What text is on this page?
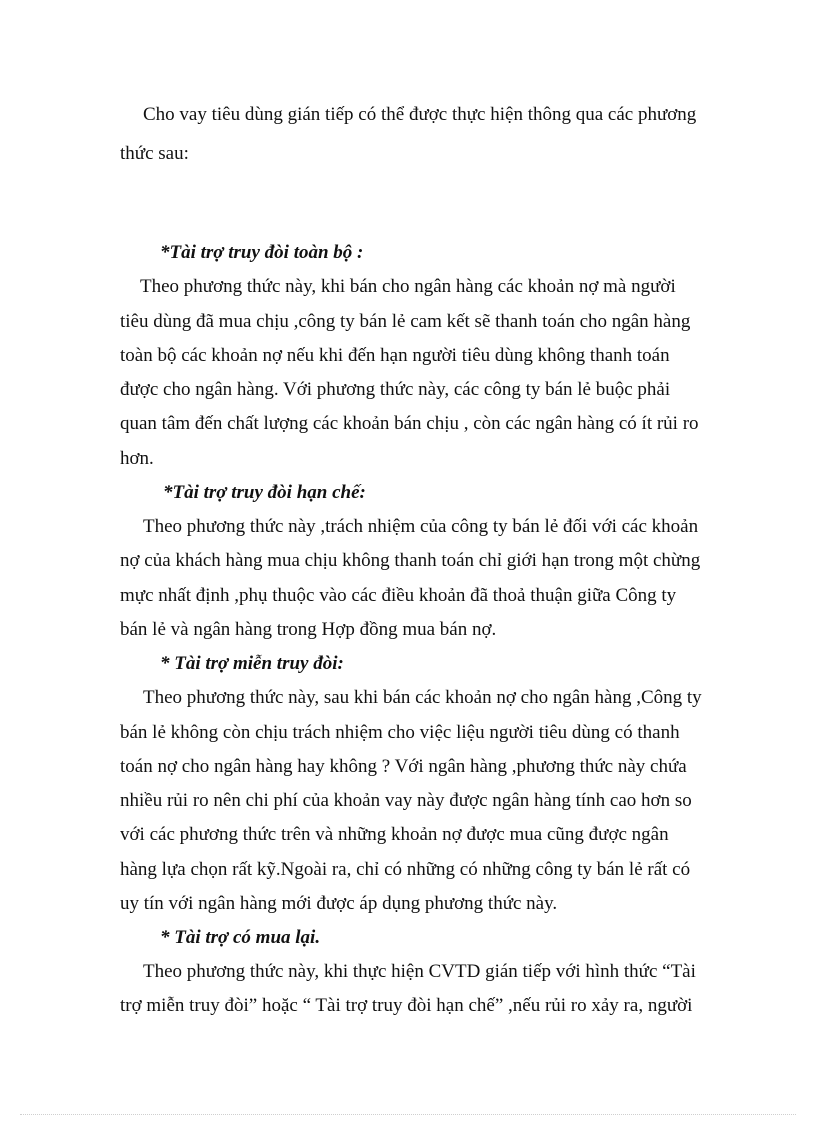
Cho vay tiêu dùng gián tiếp có thể được thực hiện thông qua các phương
thức sau:
*Tài trợ truy đòi toàn bộ :
Theo phương thức này, khi bán cho ngân hàng các khoản nợ mà người
tiêu dùng đã mua chịu ,công ty bán lẻ cam kết sẽ thanh toán cho ngân hàng
toàn bộ các khoản nợ nếu khi đến hạn người tiêu dùng không thanh toán
được cho ngân hàng. Với phương thức này, các công ty bán lẻ buộc phải
quan tâm đến chất lượng các khoản bán chịu , còn các ngân hàng có ít rủi ro
hơn.
*Tài trợ truy đòi hạn chế:
Theo phương thức này ,trách nhiệm của công ty bán lẻ đối với các khoản
nợ của khách hàng mua chịu không thanh toán chỉ giới hạn trong một chừng
mực nhất định ,phụ thuộc vào các điều khoản đã thoả thuận giữa Công ty
bán lẻ và ngân hàng trong Hợp đồng mua bán nợ.
* Tài trợ miễn truy đòi:
Theo phương thức này, sau khi bán các khoản nợ cho ngân hàng ,Công ty
bán lẻ không còn chịu trách nhiệm cho việc liệu người tiêu dùng có thanh
toán nợ cho ngân hàng hay không ? Với ngân hàng ,phương thức này chứa
nhiều rủi ro nên chi phí của khoản vay này được ngân hàng tính cao hơn so
với các phương thức trên và những khoản nợ được mua cũng được ngân
hàng lựa chọn rất kỹ.Ngoài ra, chỉ có những có những công ty bán lẻ rất có
uy tín với ngân hàng mới được áp dụng phương thức này.
* Tài trợ có mua lại.
Theo phương thức này, khi thực hiện CVTD gián tiếp với hình thức “Tài
trợ miễn truy đòi” hoặc “ Tài trợ truy đòi hạn chế” ,nếu rủi ro xảy ra, người
